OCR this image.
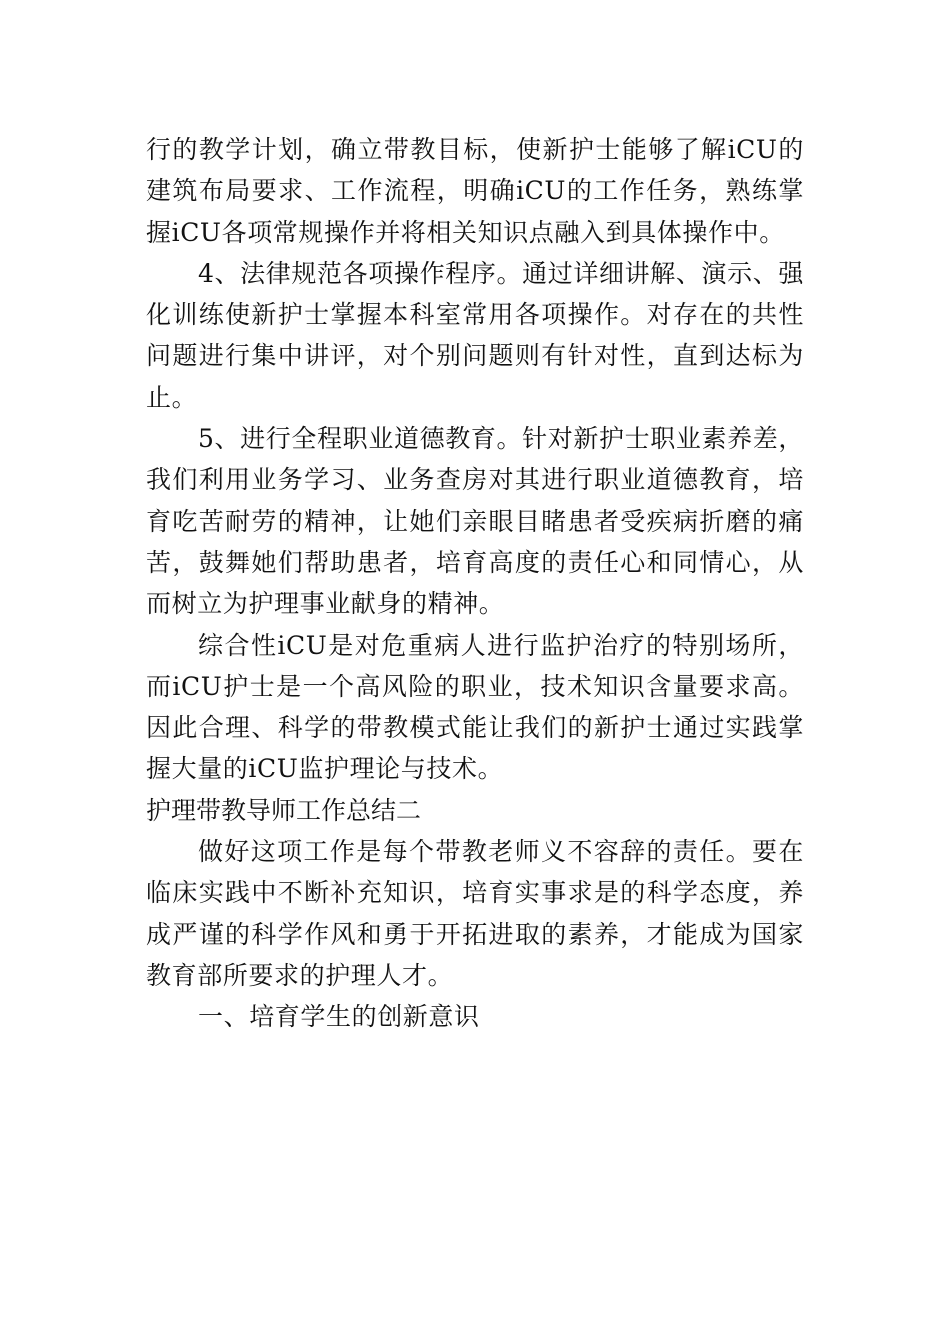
行的教学计划，确立带教目标，使新护士能够了解iCU的建筑布局要求、工作流程，明确iCU的工作任务，熟练掌握iCU各项常规操作并将相关知识点融入到具体操作中。

4、法律规范各项操作程序。通过详细讲解、演示、强化训练使新护士掌握本科室常用各项操作。对存在的共性问题进行集中讲评，对个别问题则有针对性，直到达标为止。

5、进行全程职业道德教育。针对新护士职业素养差，我们利用业务学习、业务查房对其进行职业道德教育，培育吃苦耐劳的精神，让她们亲眼目睹患者受疾病折磨的痛苦，鼓舞她们帮助患者，培育高度的责任心和同情心，从而树立为护理事业献身的精神。

综合性iCU是对危重病人进行监护治疗的特别场所，而iCU护士是一个高风险的职业，技术知识含量要求高。因此合理、科学的带教模式能让我们的新护士通过实践掌握大量的iCU监护理论与技术。

护理带教导师工作总结二

做好这项工作是每个带教老师义不容辞的责任。要在临床实践中不断补充知识，培育实事求是的科学态度，养成严谨的科学作风和勇于开拓进取的素养，才能成为国家教育部所要求的护理人才。

一、培育学生的创新意识
